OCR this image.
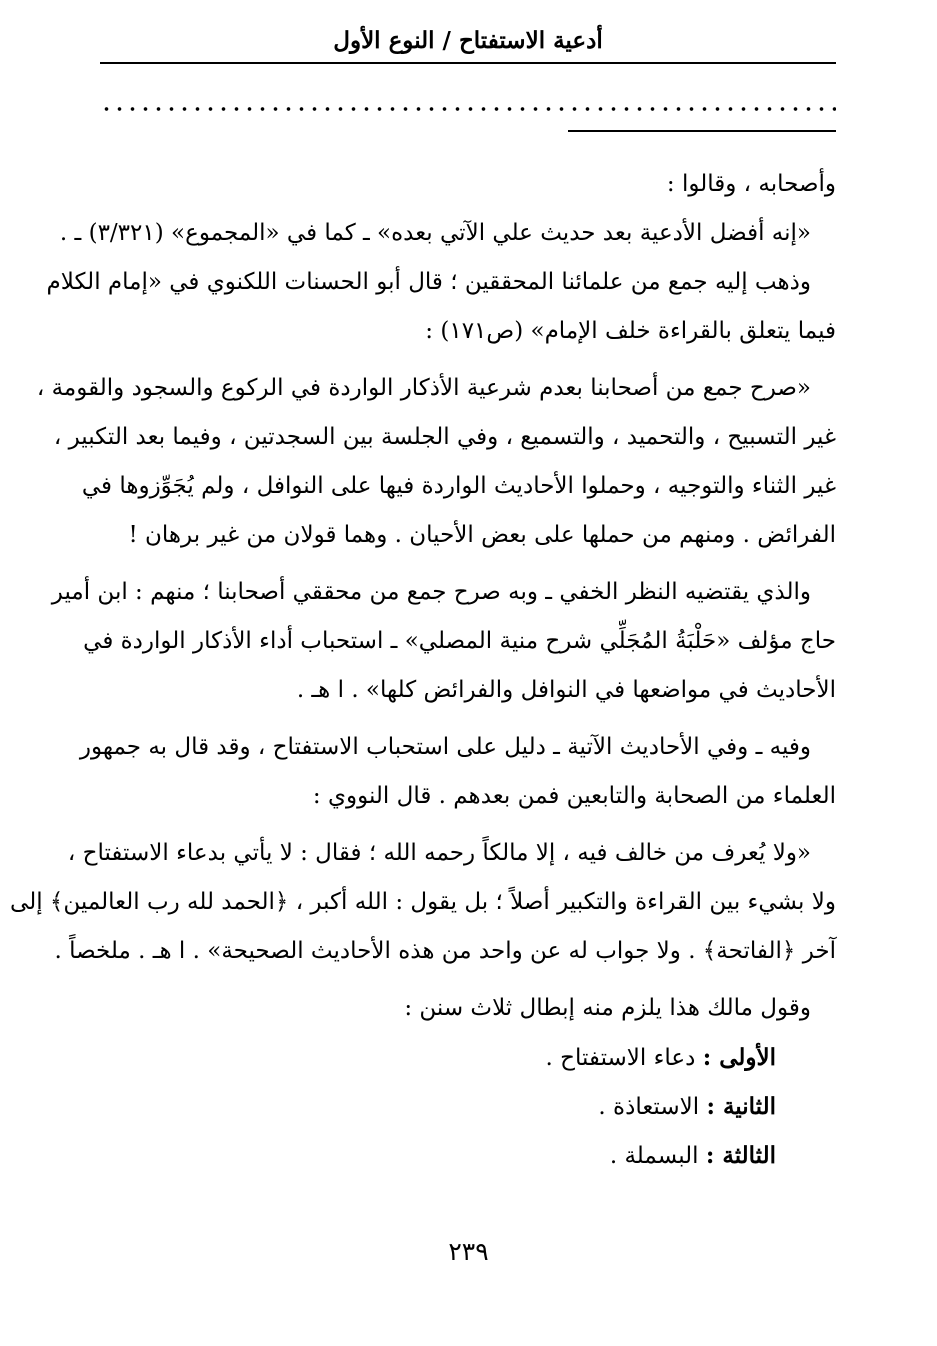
أدعية الاستفتاح / النوع الأول
وأصحابه ، وقالوا :
«إنه أفضل الأدعية بعد حديث علي الآتي بعده» ـ كما في «المجموع» (٣/٣٢١) ـ .
وذهب إليه جمع من علمائنا المحققين ؛ قال أبو الحسنات اللكنوي في «إمام الكلام
فيما يتعلق بالقراءة خلف الإمام» (ص١٧١) :
«صرح جمع من أصحابنا بعدم شرعية الأذكار الواردة في الركوع والسجود والقومة ،
غير التسبيح ، والتحميد ، والتسميع ، وفي الجلسة بين السجدتين ، وفيما بعد التكبير ،
غير الثناء والتوجيه ، وحملوا الأحاديث الواردة فيها على النوافل ، ولم يُجَوِّزوها في
الفرائض . ومنهم من حملها على بعض الأحيان . وهما قولان من غير برهان !
والذي يقتضيه النظر الخفي ـ وبه صرح جمع من محققي أصحابنا ؛ منهم : ابن أمير
حاج مؤلف «حَلْبَةُ المُجَلِّي شرح منية المصلي» ـ استحباب أداء الأذكار الواردة في
الأحاديث في مواضعها في النوافل والفرائض كلها» . ا هـ .
وفيه ـ وفي الأحاديث الآتية ـ دليل على استحباب الاستفتاح ، وقد قال به جمهور
العلماء من الصحابة والتابعين فمن بعدهم . قال النووي :
«ولا يُعرف من خالف فيه ، إلا مالكاً رحمه الله ؛ فقال : لا يأتي بدعاء الاستفتاح ،
ولا بشيء بين القراءة والتكبير أصلاً ؛ بل يقول : الله أكبر ، ﴿الحمد لله رب العالمين﴾ إلى
آخر ﴿الفاتحة﴾ . ولا جواب له عن واحد من هذه الأحاديث الصحيحة» . ا هـ . ملخصاً .
وقول مالك هذا يلزم منه إبطال ثلاث سنن :
الأولى : دعاء الاستفتاح .
الثانية : الاستعاذة .
الثالثة : البسملة .
٢٣٩
